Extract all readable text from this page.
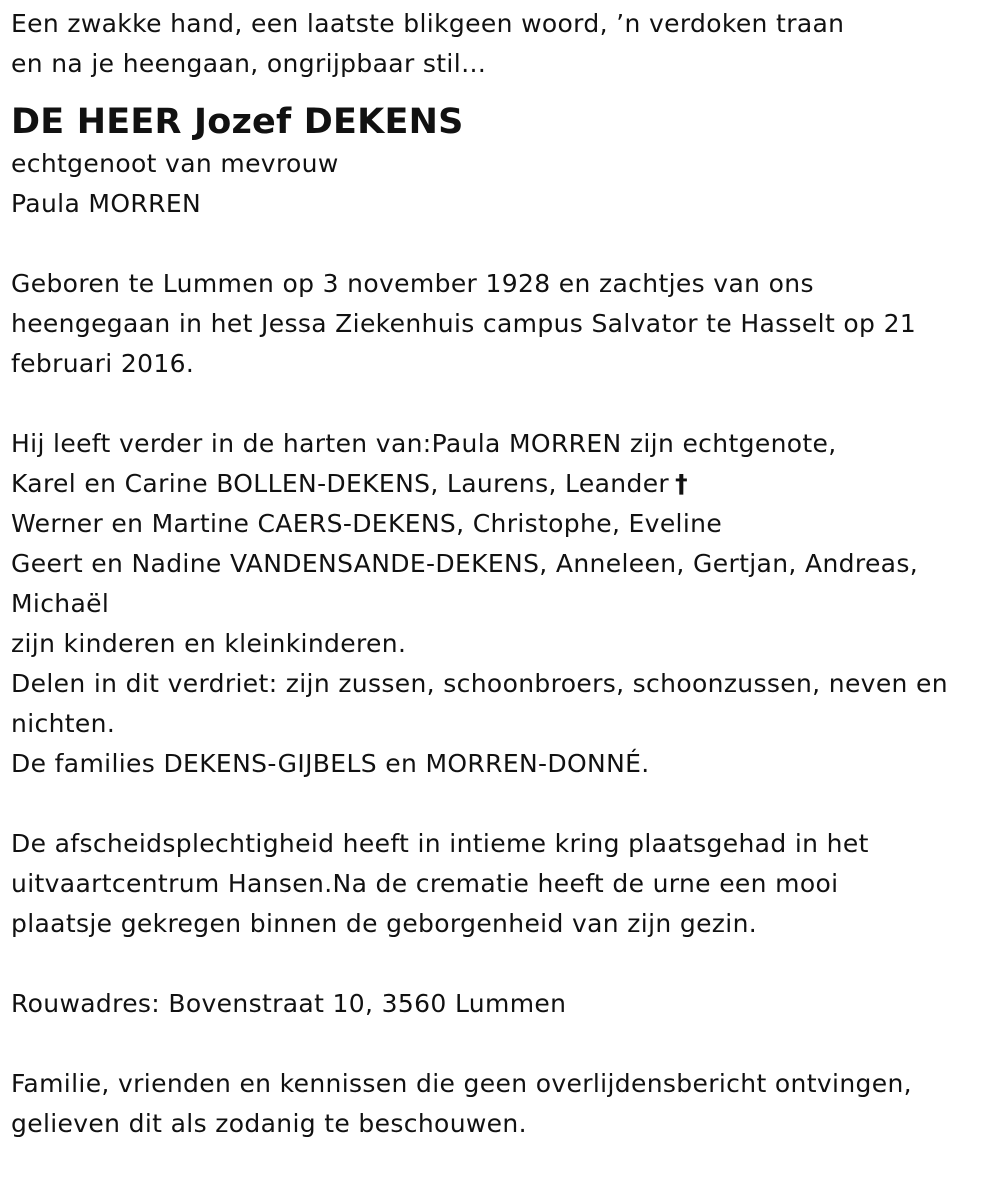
Een zwakke hand, een laatste blikgeen woord, ’n verdoken traan
en na je heengaan, ongrijpbaar stil…
DE HEER Jozef DEKENS
echtgenoot van mevrouw
Paula MORREN
Geboren te Lummen op 3 november 1928 en zachtjes van ons
heengegaan in het Jessa Ziekenhuis campus Salvator te Hasselt op 21
februari 2016.
Hij leeft verder in de harten van:Paula MORREN zijn echtgenote,
Karel en Carine BOLLEN-DEKENS, Laurens, Leander †
Werner en Martine CAERS-DEKENS, Christophe, Eveline
Geert en Nadine VANDENSANDE-DEKENS, Anneleen, Gertjan, Andreas,
Michaël
zijn kinderen en kleinkinderen.
Delen in dit verdriet: zijn zussen, schoonbroers, schoonzussen, neven en
nichten.
De families DEKENS-GIJBELS en MORREN-DONNÉ.
De afscheidsplechtigheid heeft in intieme kring plaatsgehad in het
uitvaartcentrum Hansen.Na de crematie heeft de urne een mooi
plaatsje gekregen binnen de geborgenheid van zijn gezin.
Rouwadres: Bovenstraat 10, 3560 Lummen
Familie, vrienden en kennissen die geen overlijdensbericht ontvingen,
gelieven dit als zodanig te beschouwen.
